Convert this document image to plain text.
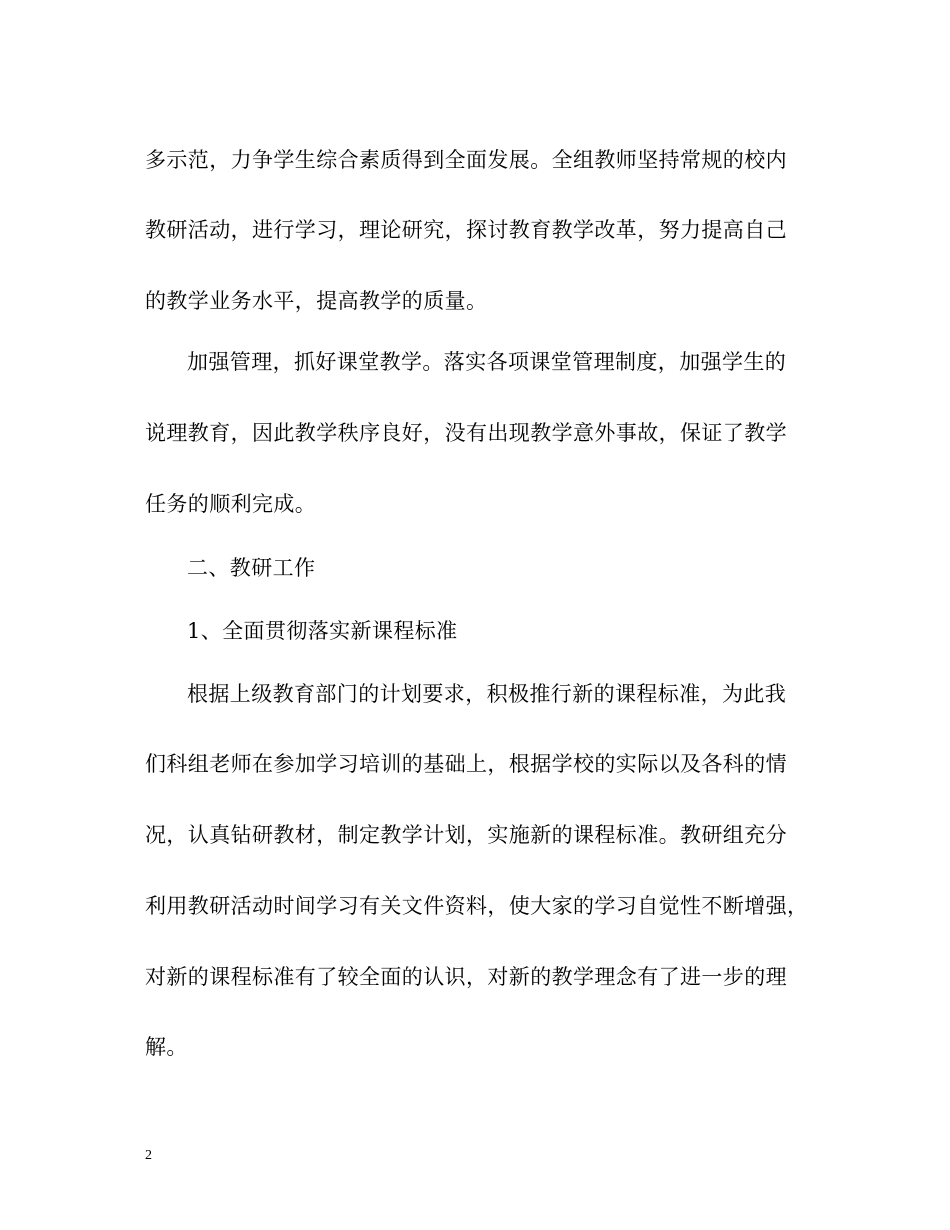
多示范，力争学生综合素质得到全面发展。全组教师坚持常规的校内
教研活动，进行学习，理论研究，探讨教育教学改革，努力提高自己
的教学业务水平，提高教学的质量。
加强管理，抓好课堂教学。落实各项课堂管理制度，加强学生的
说理教育，因此教学秩序良好，没有出现教学意外事故，保证了教学
任务的顺利完成。
二、教研工作
1、全面贯彻落实新课程标准
根据上级教育部门的计划要求，积极推行新的课程标准，为此我
们科组老师在参加学习培训的基础上，根据学校的实际以及各科的情
况，认真钻研教材，制定教学计划，实施新的课程标准。教研组充分
利用教研活动时间学习有关文件资料，使大家的学习自觉性不断增强，
对新的课程标准有了较全面的认识，对新的教学理念有了进一步的理
解。
2
